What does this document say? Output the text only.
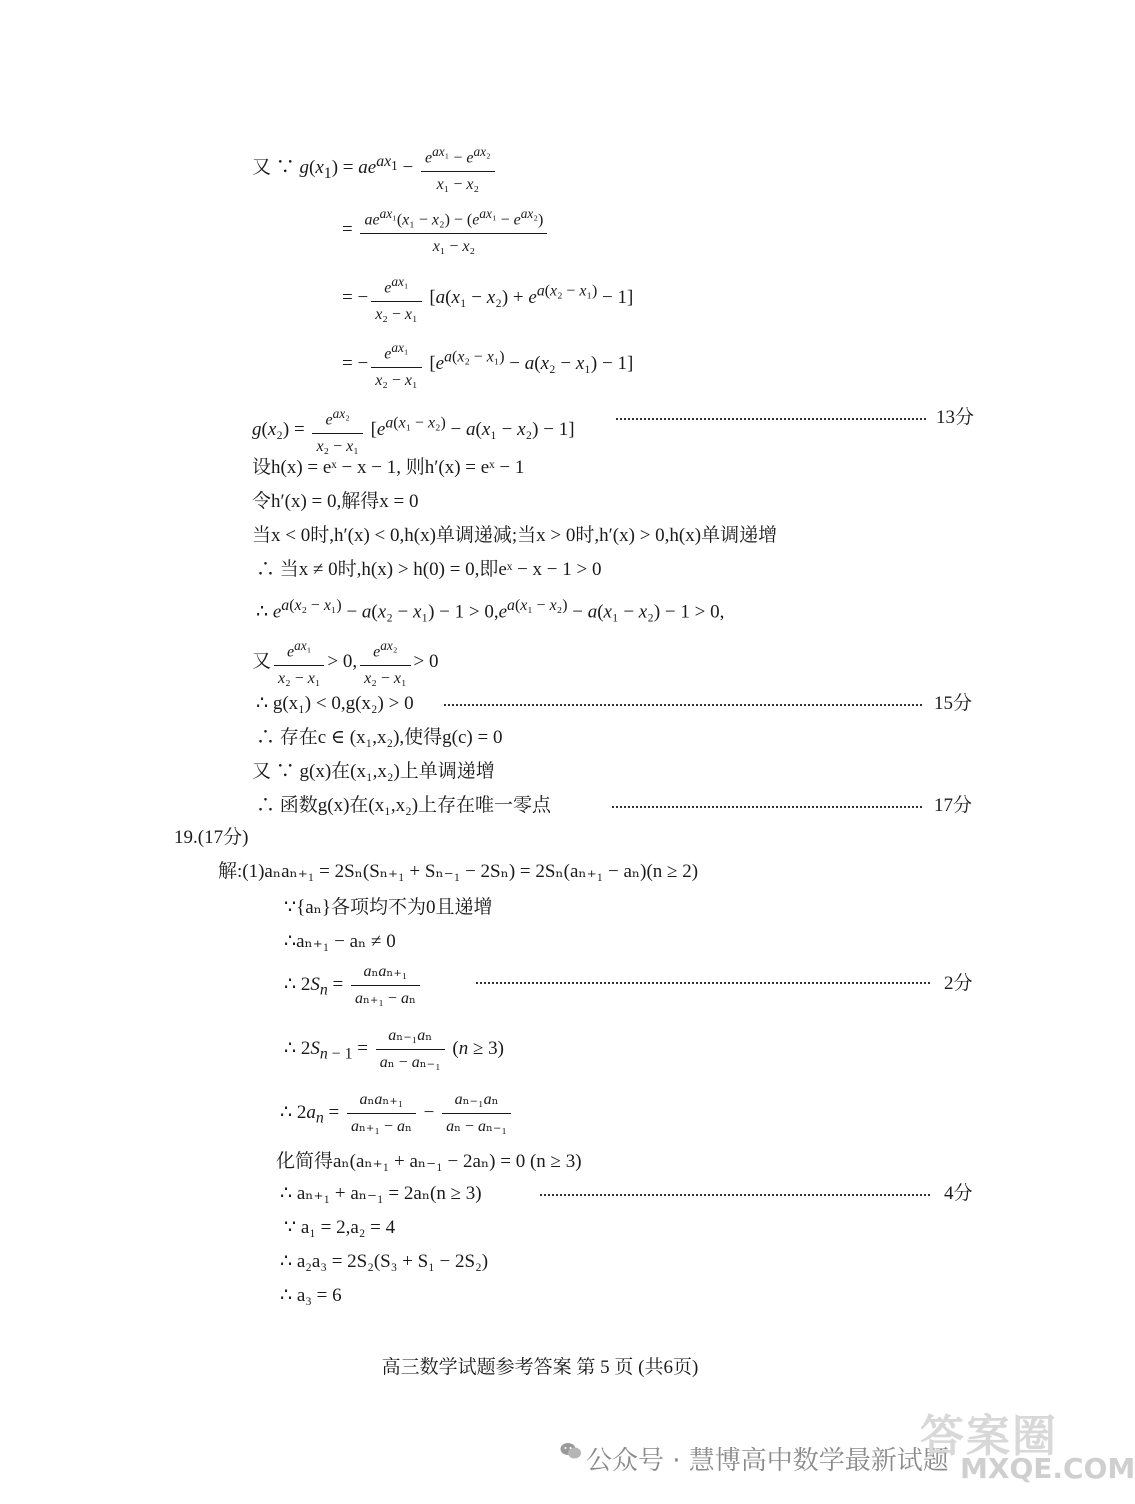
又 ∵ $g(x_1) = ae^{ax_1} - \frac{e^{ax_1} - e^{ax_2}}{\text{x₁ − x₂}}$
= $\frac{ae^{ax_1}(x_1 - x_2) - (e^{ax_1} - e^{ax_2})}{\text{x₁ − x₂}}$
= − $\frac{e^{ax_1}}{\text{x₂ − x₁}} [a(x_1 - x_2) + e^{a(x_2 - x_1)} - 1]$
= − $\frac{e^{ax_1}}{\text{x₂ − x₁}} [e^{a(x_2 - x_1)} - a(x_2 - x_1) - 1]$
$g(x_2) = \frac{e^{ax_2}}{\text{x₂ − x₁}} [e^{a(x_1 - x_2)} - a(x_1 - x_2) - 1]$
13分
设h(x) = eˣ − x − 1, 则h′(x) = eˣ − 1
令h′(x) = 0,解得x = 0
当x < 0时,h′(x) < 0,h(x)单调递减;当x > 0时,h′(x) > 0,h(x)单调递增
∴ 当x ≠ 0时,h(x) > h(0) = 0,即eˣ − x − 1 > 0
∴ $e^{a(x_2 - x_1)} - a(x_2 - x_1) - 1 > 0,e^{a(x_1 - x_2)} - a(x_1 - x_2) - 1 > 0$,
又 $\frac{e^{ax_1}}{\text{x₂ − x₁}} > 0$, $\frac{e^{ax_2}}{\text{x₂ − x₁}} > 0$
∴ g(x₁) < 0,g(x₂) > 0	15分
∴ 存在c ∈ (x₁,x₂),使得g(c) = 0
又 ∵ g(x)在(x₁,x₂)上单调递增
∴ 函数g(x)在(x₁,x₂)上存在唯一零点	17分
19.(17分)
解:(1)aₙaₙ₊₁ = 2Sₙ(Sₙ₊₁ + Sₙ₋₁ − 2Sₙ) = 2Sₙ(aₙ₊₁ − aₙ)(n ≥ 2)
∵{aₙ}各项均不为0且递增
∴aₙ₊₁ − aₙ ≠ 0
∴ $2S_n = \frac{\text{aₙaₙ₊₁}}{\text{aₙ₊₁ − aₙ}}$	2分
∴ $2S_{n - 1} = \frac{\text{aₙ₋₁aₙ}}{\text{aₙ − aₙ₋₁}} (n \ge 3)$
∴ $2a_n = \frac{\text{aₙaₙ₊₁}}{\text{aₙ₊₁ − aₙ}} - \frac{\text{aₙ₋₁aₙ}}{\text{aₙ − aₙ₋₁}}$
化简得aₙ(aₙ₊₁ + aₙ₋₁ − 2aₙ) = 0 (n ≥ 3)
∴ aₙ₊₁ + aₙ₋₁ = 2aₙ(n ≥ 3)	4分
∵ a₁ = 2,a₂ = 4
∴ a₂a₃ = 2S₂(S₃ + S₁ − 2S₂)
∴ a₃ = 6
高三数学试题参考答案 第 5 页 (共6页)
公众号 · 慧博高中数学最新试题
答案圈
MXQE.COM
